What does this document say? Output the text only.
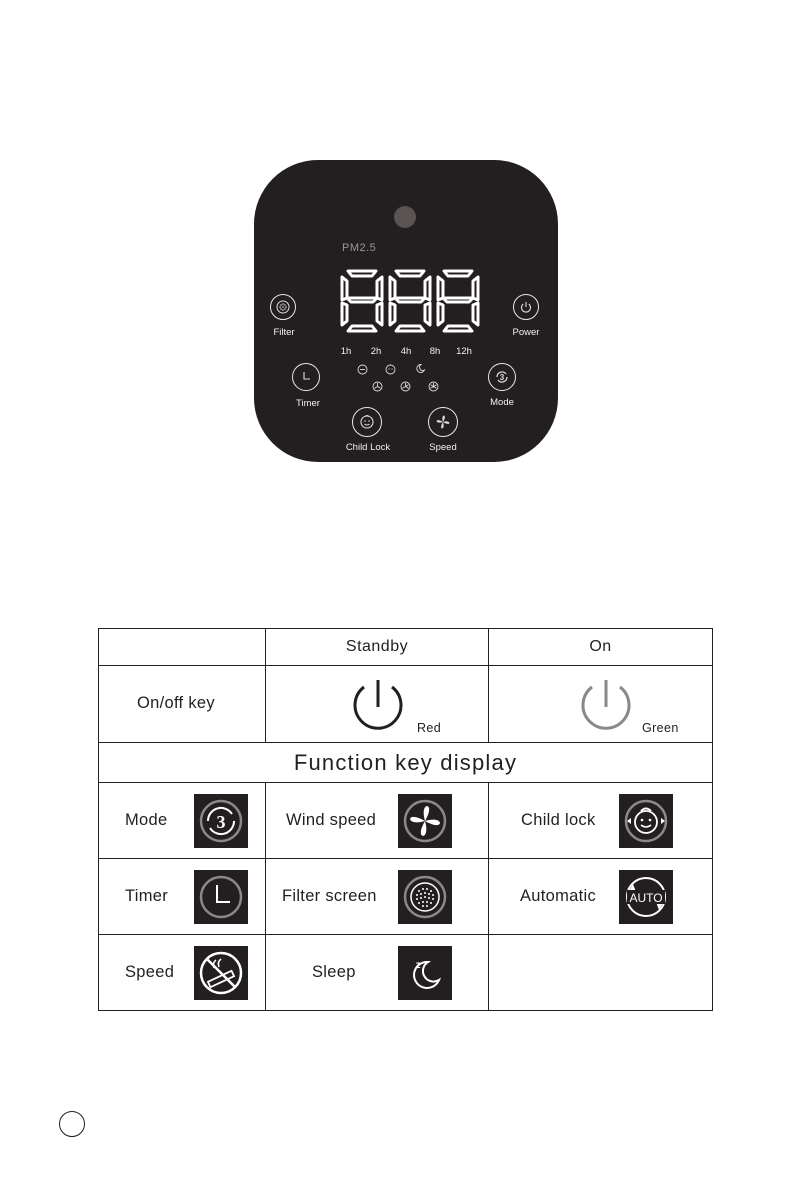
PM2.5
Filter	Power
1h 2h 4h 8h 12h
Timer
3
Mode
Child Lock	Speed
	Standby	On

On/off key	Red	Green

Function key display		

Mode 3	Wind speed	Child lock

Timer	Filter screen	Automatic AUTO

Speed	Sleep z	
